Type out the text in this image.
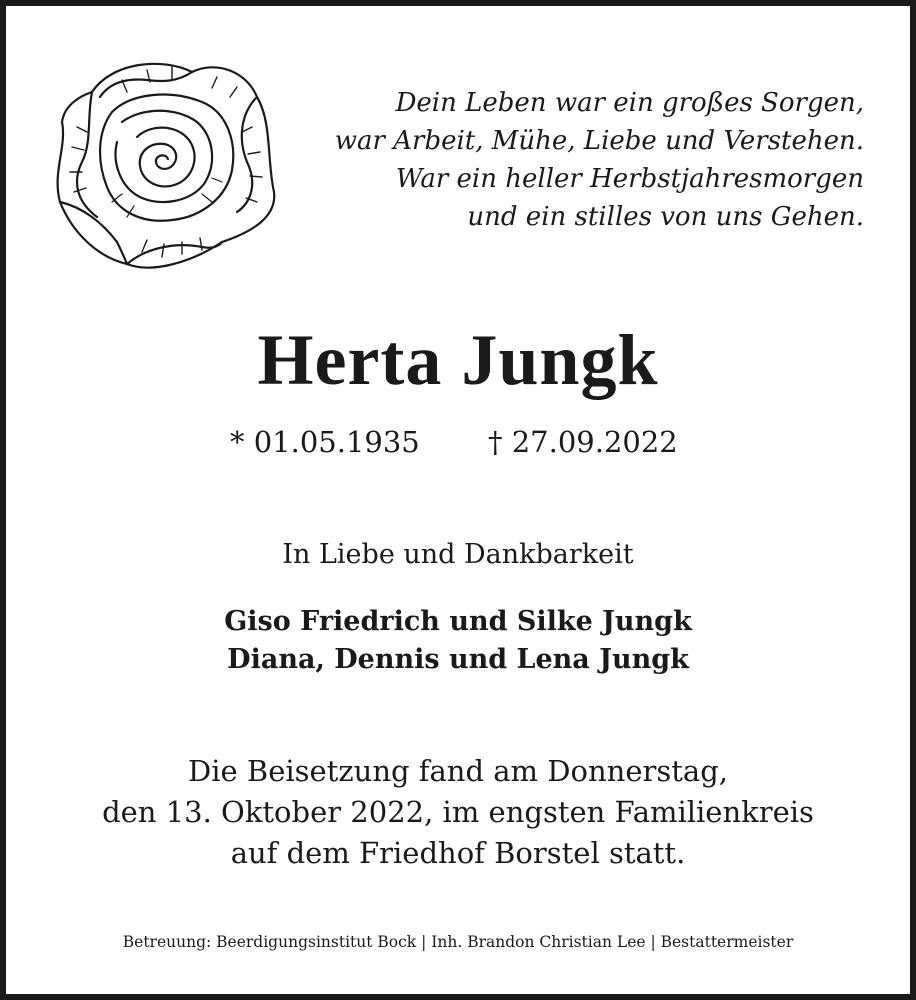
Dein Leben war ein großes Sorgen,
war Arbeit, Mühe, Liebe und Verstehen.
War ein heller Herbstjahresmorgen
und ein stilles von uns Gehen.
Herta Jungk
* 01.05.1935 † 27.09.2022
In Liebe und Dankbarkeit
Giso Friedrich und Silke Jungk
Diana, Dennis und Lena Jungk
Die Beisetzung fand am Donnerstag,
den 13. Oktober 2022, im engsten Familienkreis
auf dem Friedhof Borstel statt.
Betreuung: Beerdigungsinstitut Bock | Inh. Brandon Christian Lee | Bestattermeister
